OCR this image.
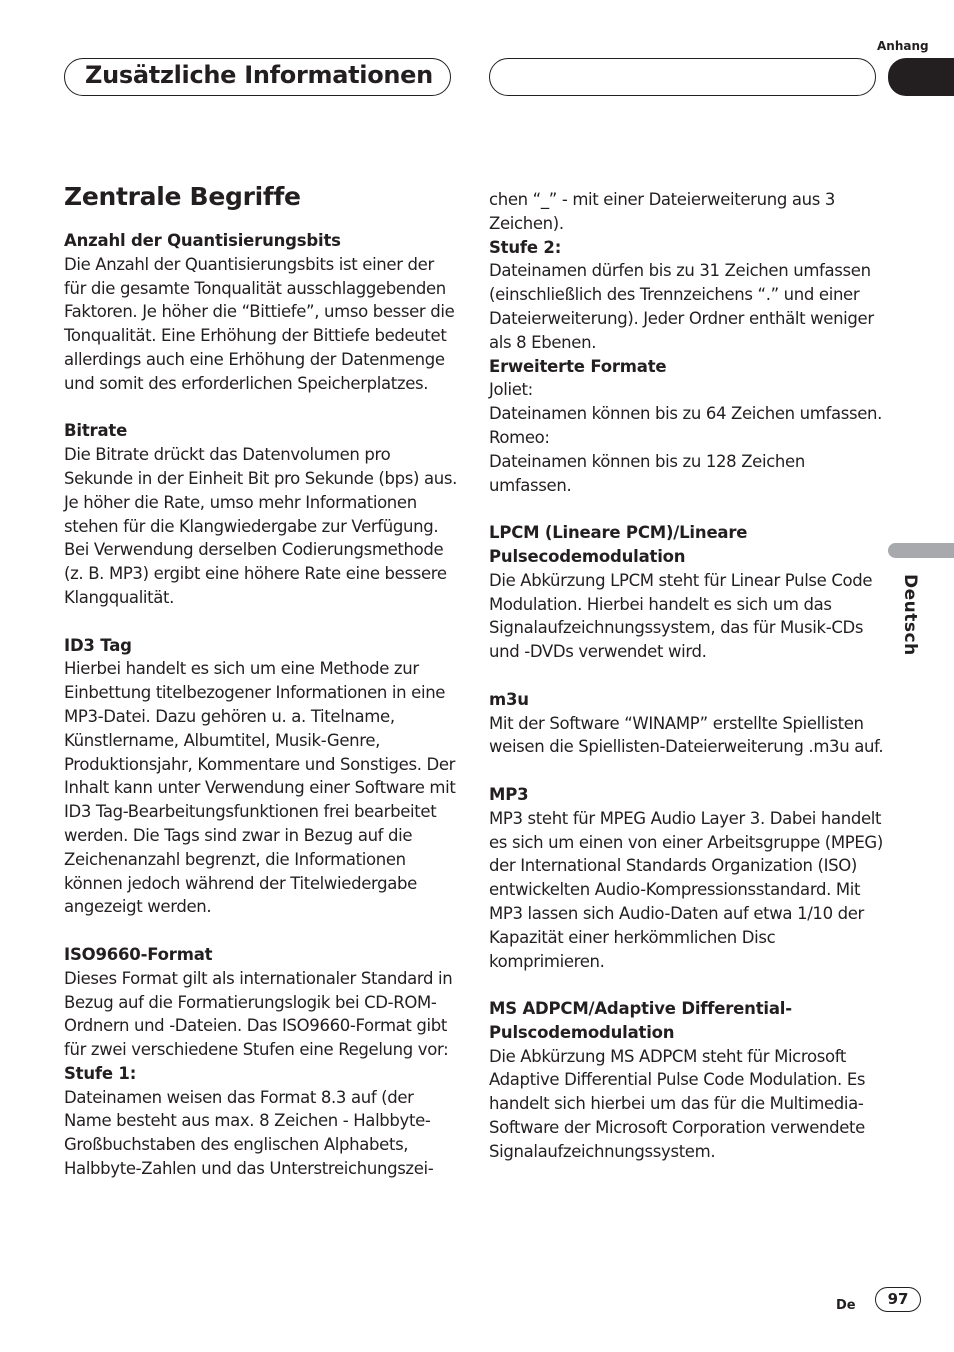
Anhang
Zusätzliche Informationen
Deutsch
Zentrale Begriffe

Anzahl der Quantisierungsbits

Die Anzahl der Quantisierungsbits ist einer der für die gesamte Tonqualität ausschlaggebenden Faktoren. Je höher die “Bittiefe”, umso besser die Tonqualität. Eine Erhöhung der Bittiefe bedeutet allerdings auch eine Erhöhung der Datenmenge und somit des erforderlichen Speicherplatzes.

Bitrate

Die Bitrate drückt das Datenvolumen pro Sekunde in der Einheit Bit pro Sekunde (bps) aus. Je höher die Rate, umso mehr Informationen stehen für die Klangwiedergabe zur Verfügung. Bei Verwendung derselben Codierungsmethode (z. B. MP3) ergibt eine höhere Rate eine bessere Klangqualität.

ID3 Tag

Hierbei handelt es sich um eine Methode zur Einbettung titelbezogener Informationen in eine MP3-Datei. Dazu gehören u. a. Titelname, Künstlername, Albumtitel, Musik-Genre, Produktionsjahr, Kommentare und Sonstiges. Der Inhalt kann unter Verwendung einer Software mit ID3 Tag-Bearbeitungsfunktionen frei bearbeitet werden. Die Tags sind zwar in Bezug auf die Zeichenanzahl begrenzt, die Informationen können jedoch während der Titelwiedergabe angezeigt werden.

ISO9660-Format

Dieses Format gilt als internationaler Standard in Bezug auf die Formatierungslogik bei CD-ROM-Ordnern und -Dateien. Das ISO9660-Format gibt für zwei verschiedene Stufen eine Regelung vor:

Stufe 1:

Dateinamen weisen das Format 8.3 auf (der Name besteht aus max. 8 Zeichen - Halbbyte-Großbuchstaben des englischen Alphabets, Halbbyte-Zahlen und das Unterstreichungszei-

chen “_” - mit einer Dateierweiterung aus 3 Zeichen).

Stufe 2:

Dateinamen dürfen bis zu 31 Zeichen umfassen (einschließlich des Trennzeichens “.” und einer Dateierweiterung). Jeder Ordner enthält weniger als 8 Ebenen.

Erweiterte Formate

Joliet:

Dateinamen können bis zu 64 Zeichen umfassen.

Romeo:

Dateinamen können bis zu 128 Zeichen umfassen.

LPCM (Lineare PCM)/Lineare Pulsecodemodulation

Die Abkürzung LPCM steht für Linear Pulse Code Modulation. Hierbei handelt es sich um das Signalaufzeichnungssystem, das für Musik-CDs und -DVDs verwendet wird.

m3u

Mit der Software “WINAMP” erstellte Spiellisten weisen die Spiellisten-Dateierweiterung .m3u auf.

MP3

MP3 steht für MPEG Audio Layer 3. Dabei handelt es sich um einen von einer Arbeitsgruppe (MPEG) der International Standards Organization (ISO) entwickelten Audio-Kompressionsstandard. Mit MP3 lassen sich Audio-Daten auf etwa 1/10 der Kapazität einer herkömmlichen Disc komprimieren.

MS ADPCM/Adaptive Differential-Pulscodemodulation

Die Abkürzung MS ADPCM steht für Microsoft Adaptive Differential Pulse Code Modulation. Es handelt sich hierbei um das für die Multimedia-Software der Microsoft Corporation verwendete Signalaufzeichnungssystem.

De	97
